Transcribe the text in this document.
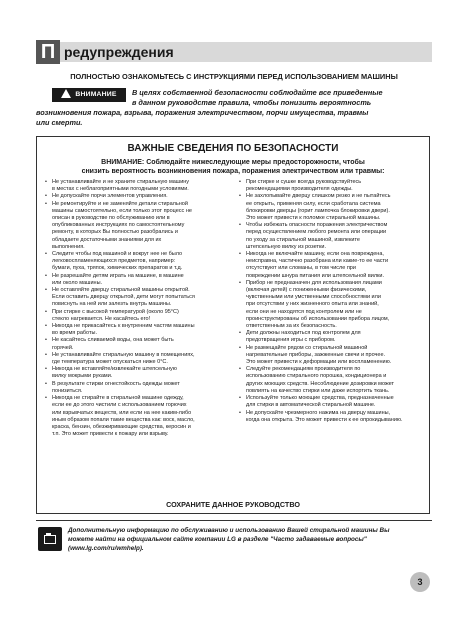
П редупреждения
ПОЛНОСТЬЮ ОЗНАКОМЬТЕСЬ С ИНСТРУКЦИЯМИ ПЕРЕД ИСПОЛЬЗОВАНИЕМ МАШИНЫ
ВНИМАНИЕ	В целях собственной безопасности соблюдайте все приведенные
в данном руководстве правила, чтобы понизить вероятность
возникновения пожара, взрыва, поражения электричеством, порчи имущества, травмы
или смерти.
ВАЖНЫЕ СВЕДЕНИЯ ПО БЕЗОПАСНОСТИ
ВНИМАНИЕ: Соблюдайте нижеследующие меры предосторожности, чтобы
снизить вероятность возникновения пожара, поражения электричеством или травмы:
• Не устанавливайте и не храните стиральную машину
в местах с неблагоприятными погодными условиями.
• Не допускайте порчи элементов управления.
• Не ремонтируйте и не заменяйте детали стиральной
машины самостоятельно, если только этот процесс не
описан в руководстве по обслуживанию или в
опубликованных инструкциях по самостоятельному
ремонту, в которых Вы полностью разобрались и
обладаете достаточными знаниями для их
выполнения.
• Следите чтобы под машиной и вокруг нее не было
легковоспламеняющихся предметов, например:
бумаги, пуха, тряпок, химических препаратов и т.д.
• Не разрешайте детям играть на машине, в машине
или около машины.
• Не оставляйте дверцу стиральной машины открытой.
Если оставить дверцу открытой, дети могут попытаться
повиснуть на ней или залезть внутрь машины.
• При стирке с высокой температурой (около 95°C)
стекло нагревается. Не касайтесь его!
• Никогда не прикасайтесь к внутренним частям машины
во время работы.
• Не касайтесь сливаемой воды, она может быть
горячей.
• Не устанавливайте стиральную машину в помещениях,
где температура может опускаться ниже 0°C.
• Никогда не вставляйте/извлекайте штепсельную
вилку мокрыми руками.
• В результате стирки огнестойкость одежды может
понизиться.
• Никогда не стирайте в стиральной машине одежду,
если ее до этого чистили с использованием горючих
или взрывчатых веществ, или если на нее каким-либо
иным образом попали такие вещества как: воск, масло,
краска, бензин, обезжиривающие средства, керосин и
т.п. Это может привести к пожару или взрыву.
• При стирке и сушке всегда руководствуйтесь
рекомендациями производителя одежды.
• Не захлопывайте дверцу слишком резко и не пытайтесь
ее открыть, применяя силу, если сработала система
блокировки дверцы (горит лампочка блокировки двери).
Это может привести к поломке стиральной машины.
• Чтобы избежать опасности поражения электричеством
перед осуществлением любого ремонта или операции
по уходу за стиральной машиной, извлеките
штепсельную вилку из розетки.
• Никогда не включайте машину, если она повреждена,
неисправна, частично разобрана или какие-то ее части
отсутствуют или сломаны, в том числе при
повреждении шнура питания или штепсельной вилки.
• Прибор не предназначен для использования лицами
(включая детей) с пониженными физическими,
чувственными или умственными способностями или
при отсутствии у них жизненного опыта или знаний,
если они не находятся под контролем или не
проинструктированы об использовании прибора лицом,
ответственным за их безопасность.
• Дети должны находиться под контролем для
предотвращения игры с прибором.
• Не размещайте рядом со стиральной машиной
нагревательные приборы, зажженные свечи и прочее.
Это может привести к деформации или воспламенению.
• Следуйте рекомендациям производителя по
использованию стирального порошка, кондиционера и
других моющих средств. Несоблюдение дозировки может
повлиять на качество стирки или даже испортить ткань.
• Используйте только моющие средства, предназначенные
для стирки в автоматической стиральной машине.
• Не допускайте чрезмерного нажима на дверцу машины,
когда она открыта. Это может привести к ее опрокидыванию.
СОХРАНИТЕ ДАННОЕ РУКОВОДСТВО
Дополнительную информацию по обслуживанию и использованию Вашей стиральной машины Вы
можете найти на официальном сайте компании LG в разделе "Часто задаваемые вопросы"
(www.lg.com/ru/wmhelp).
3
